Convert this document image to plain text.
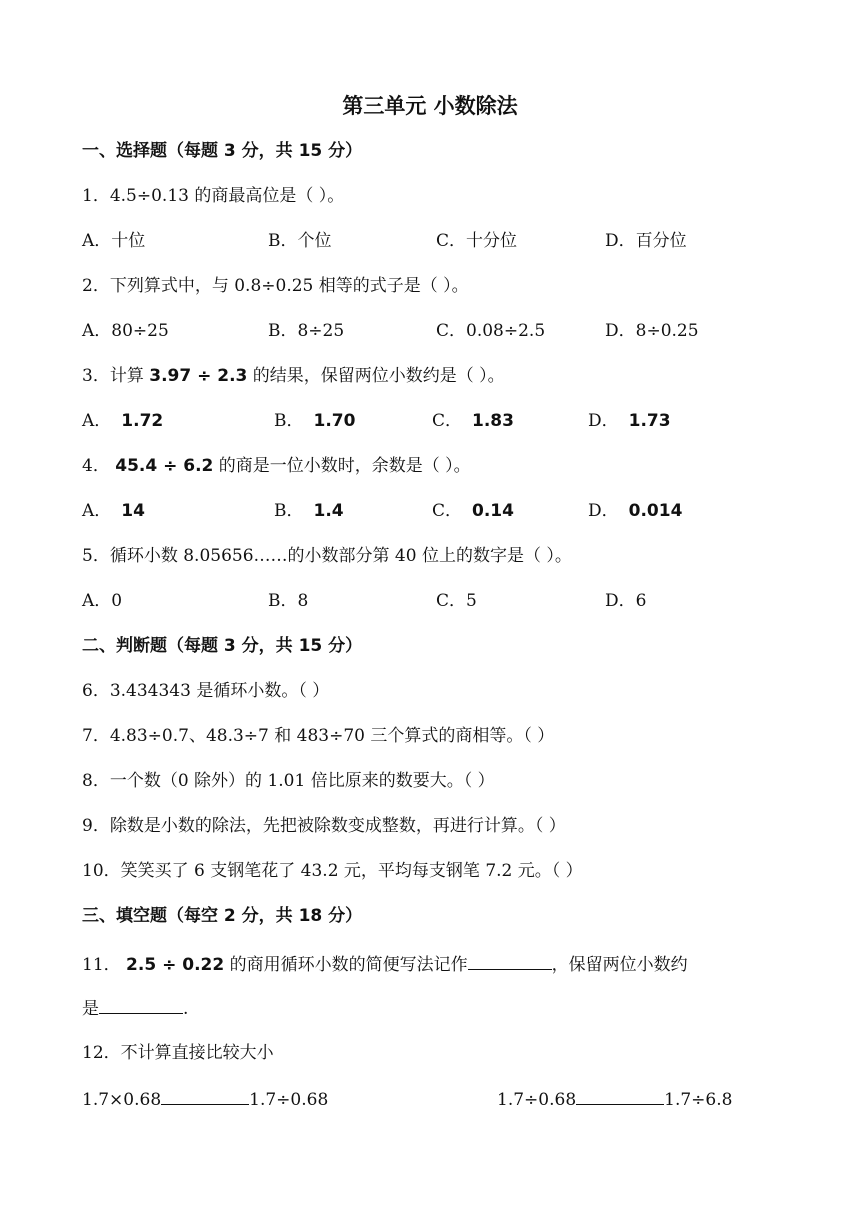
第三单元 小数除法
一、选择题（每题 3 分，共 15 分）
1．4.5÷0.13 的商最高位是（ ）。
A．十位	B．个位	C．十分位	D．百分位
2．下列算式中，与 0.8÷0.25 相等的式子是（ ）。
A．80÷25	B．8÷25	C．0.08÷2.5	D．8÷0.25
3．计算 3.97 ÷ 2.3 的结果，保留两位小数约是（ ）。
A． 1.72	B． 1.70	C． 1.83	D． 1.73
4． 45.4 ÷ 6.2 的商是一位小数时，余数是（ ）。
A． 14	B． 1.4	C． 0.14	D． 0.014
5．循环小数 8.05656……的小数部分第 40 位上的数字是（ ）。
A．0	B．8	C．5	D．6
二、判断题（每题 3 分，共 15 分）
6．3.434343 是循环小数。（ ）
7．4.83÷0.7、48.3÷7 和 483÷70 三个算式的商相等。（ ）
8．一个数（0 除外）的 1.01 倍比原来的数要大。（ ）
9．除数是小数的除法，先把被除数变成整数，再进行计算。（ ）
10．笑笑买了 6 支钢笔花了 43.2 元，平均每支钢笔 7.2 元。（ ）
三、填空题（每空 2 分，共 18 分）
11． 2.5 ÷ 0.22 的商用循环小数的简便写法记作	，保留两位小数约
是	.
12．不计算直接比较大小
1.7×0.68	1.7÷0.68	1.7÷0.68	1.7÷6.8
